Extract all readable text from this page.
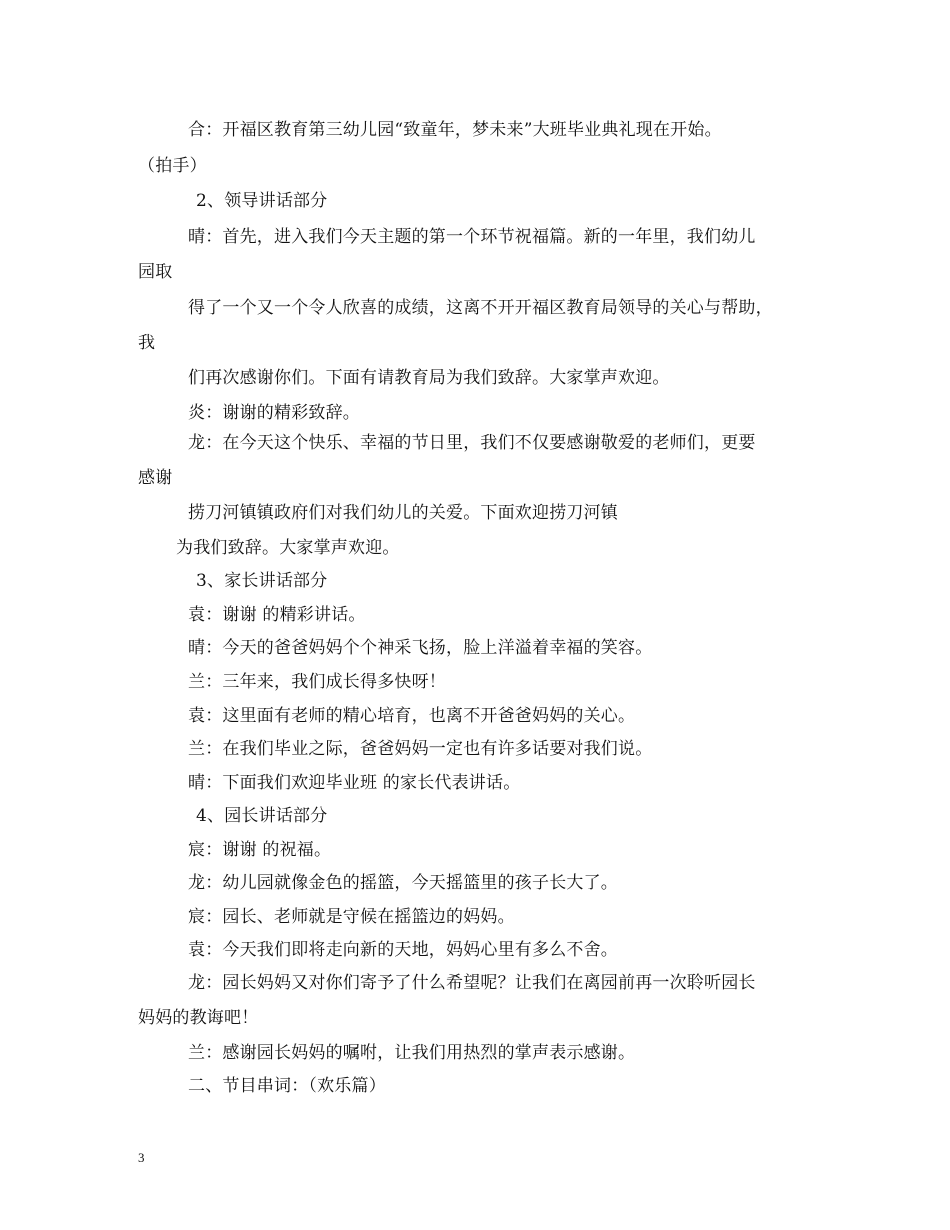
合：开福区教育第三幼儿园“致童年，梦未来”大班毕业典礼现在开始。
（拍手）
2、领导讲话部分
晴：首先，进入我们今天主题的第一个环节祝福篇。新的一年里，我们幼儿
园取
得了一个又一个令人欣喜的成绩，这离不开开福区教育局领导的关心与帮助，
我
们再次感谢你们。下面有请教育局为我们致辞。大家掌声欢迎。
炎：谢谢的精彩致辞。
龙：在今天这个快乐、幸福的节日里，我们不仅要感谢敬爱的老师们，更要
感谢
捞刀河镇镇政府们对我们幼儿的关爱。下面欢迎捞刀河镇
为我们致辞。大家掌声欢迎。
3、家长讲话部分
袁：谢谢 的精彩讲话。
晴：今天的爸爸妈妈个个神采飞扬，脸上洋溢着幸福的笑容。
兰：三年来，我们成长得多快呀！
袁：这里面有老师的精心培育，也离不开爸爸妈妈的关心。
兰：在我们毕业之际，爸爸妈妈一定也有许多话要对我们说。
晴：下面我们欢迎毕业班 的家长代表讲话。
4、园长讲话部分
宸：谢谢 的祝福。
龙：幼儿园就像金色的摇篮，今天摇篮里的孩子长大了。
宸：园长、老师就是守候在摇篮边的妈妈。
袁：今天我们即将走向新的天地，妈妈心里有多么不舍。
龙：园长妈妈又对你们寄予了什么希望呢？让我们在离园前再一次聆听园长
妈妈的教诲吧！
兰：感谢园长妈妈的嘱咐，让我们用热烈的掌声表示感谢。
二、节目串词：（欢乐篇）
3
